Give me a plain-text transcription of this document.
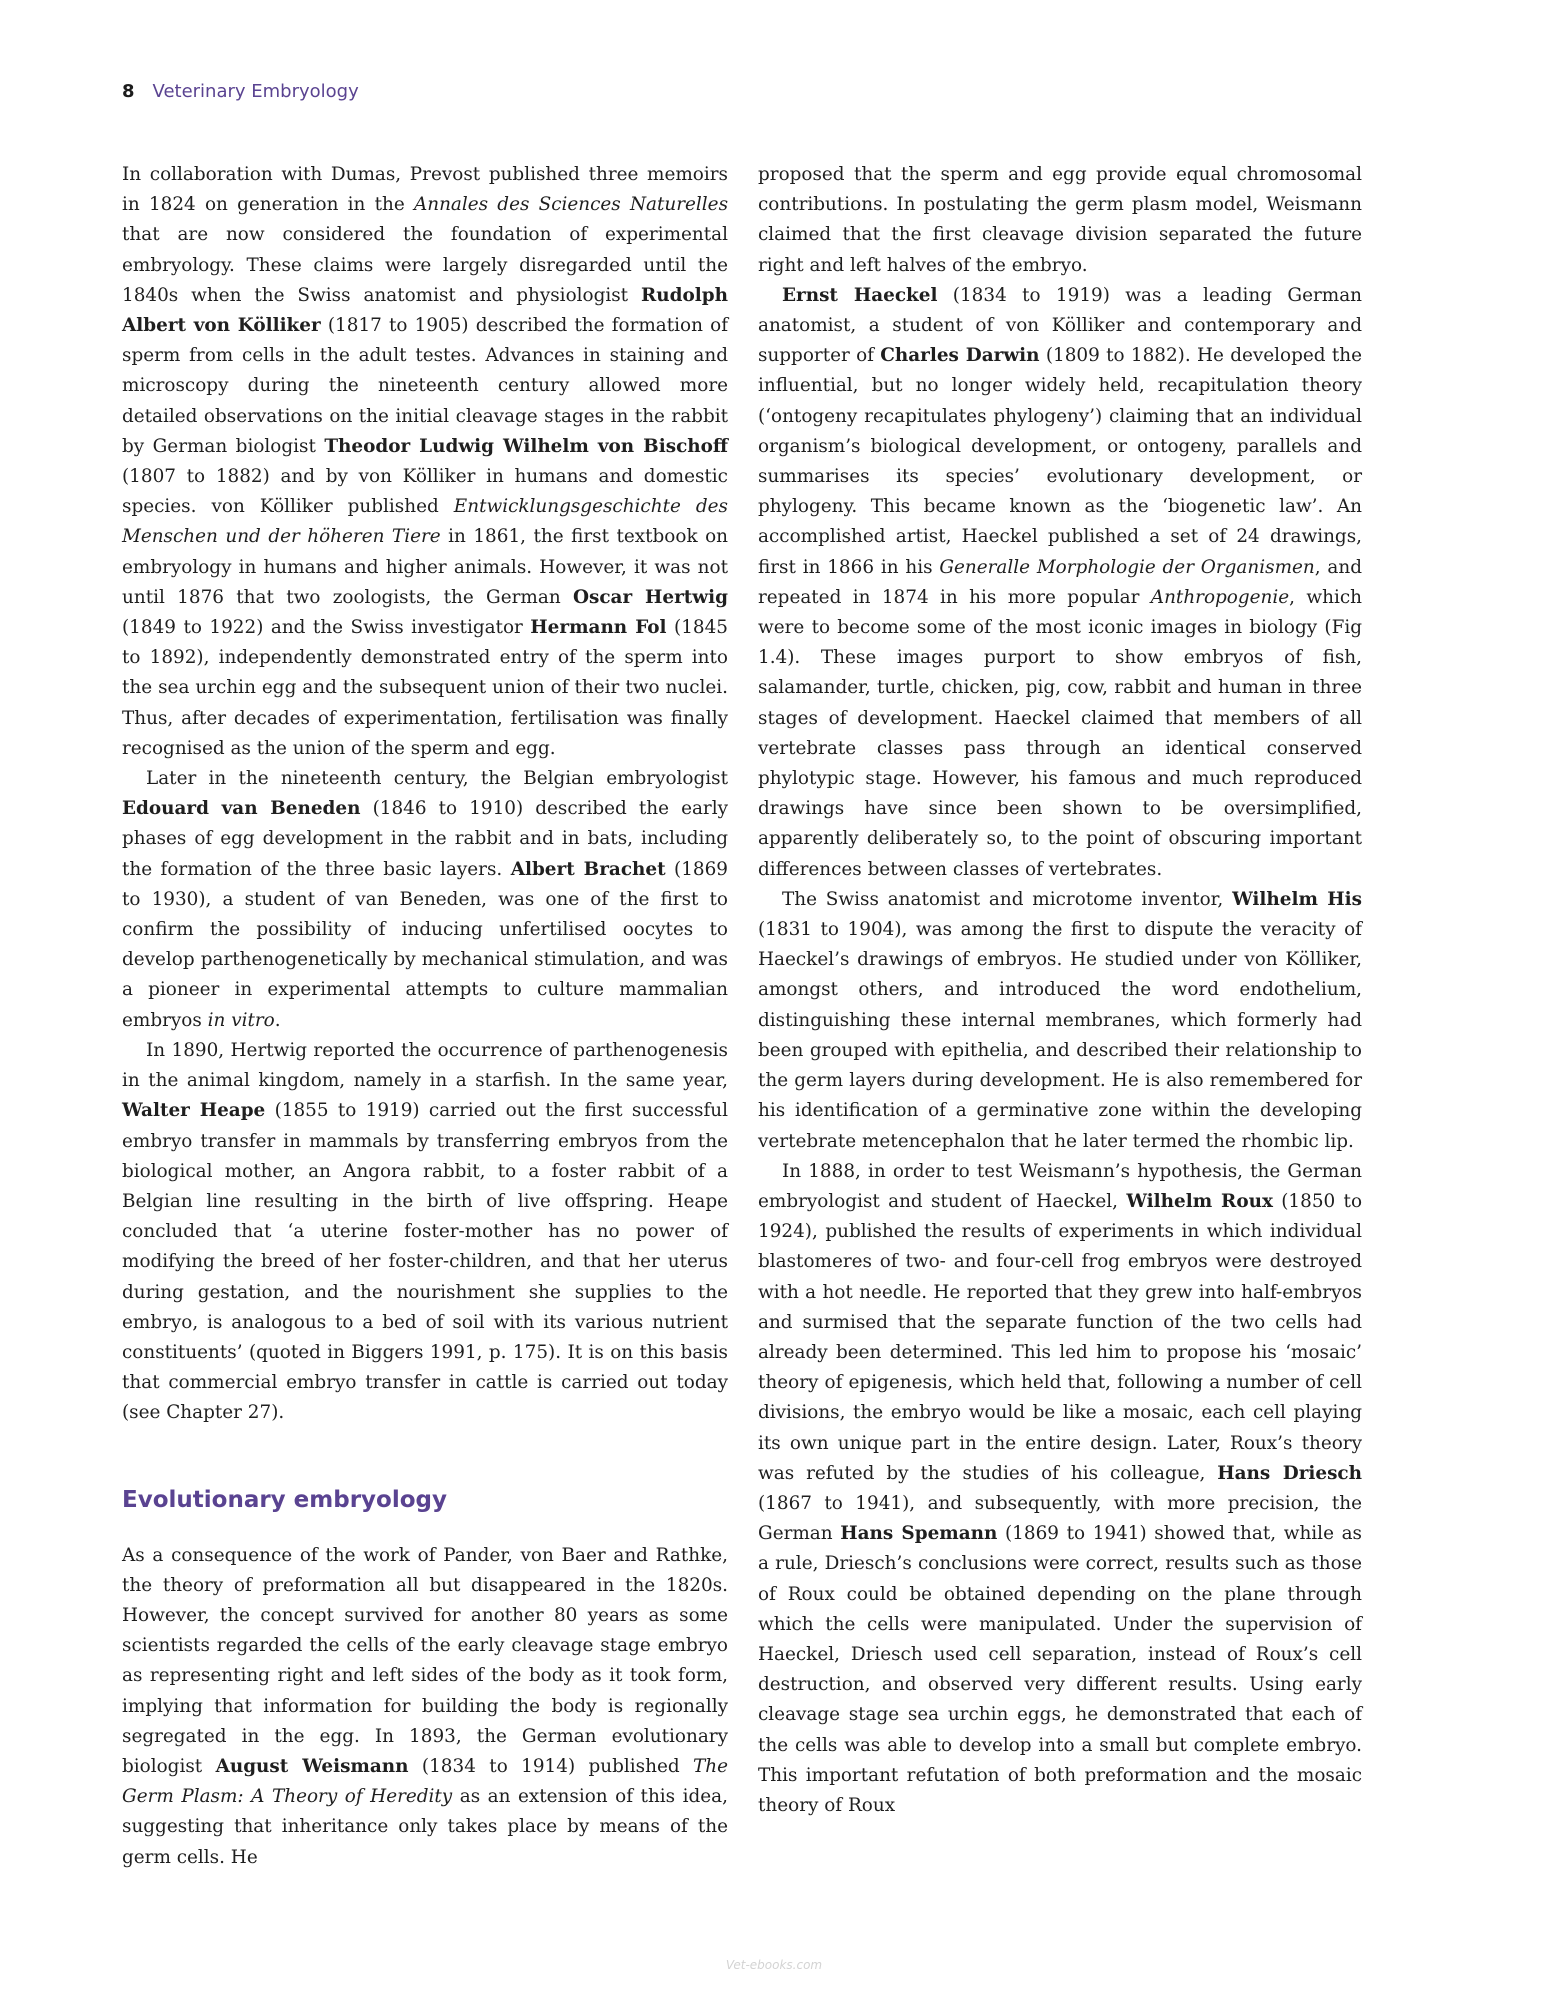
8 Veterinary Embryology

In collaboration with Dumas, Prevost published three memoirs in 1824 on generation in the Annales des Sciences Naturelles that are now considered the foundation of experimental embryology. These claims were largely disregarded until the 1840s when the Swiss anatomist and physiologist Rudolph Albert von Kölliker (1817 to 1905) described the formation of sperm from cells in the adult testes. Advances in staining and microscopy during the nineteenth century allowed more detailed observations on the initial cleavage stages in the rabbit by German biologist Theodor Ludwig Wilhelm von Bischoff (1807 to 1882) and by von Kölliker in humans and domestic species. von Kölliker published Entwicklungsgeschichte des Menschen und der höheren Tiere in 1861, the first textbook on embryology in humans and higher animals. However, it was not until 1876 that two zoologists, the German Oscar Hertwig (1849 to 1922) and the Swiss investigator Hermann Fol (1845 to 1892), independently demonstrated entry of the sperm into the sea urchin egg and the subsequent union of their two nuclei. Thus, after decades of experimentation, fertilisation was finally recognised as the union of the sperm and egg.

Later in the nineteenth century, the Belgian embryologist Edouard van Beneden (1846 to 1910) described the early phases of egg development in the rabbit and in bats, including the formation of the three basic layers. Albert Brachet (1869 to 1930), a student of van Beneden, was one of the first to confirm the possibility of inducing unfertilised oocytes to develop parthenogenetically by mechanical stimulation, and was a pioneer in experimental attempts to culture mammalian embryos in vitro.

In 1890, Hertwig reported the occurrence of parthenogenesis in the animal kingdom, namely in a starfish. In the same year, Walter Heape (1855 to 1919) carried out the first successful embryo transfer in mammals by transferring embryos from the biological mother, an Angora rabbit, to a foster rabbit of a Belgian line resulting in the birth of live offspring. Heape concluded that ‘a uterine foster-mother has no power of modifying the breed of her foster-children, and that her uterus during gestation, and the nourishment she supplies to the embryo, is analogous to a bed of soil with its various nutrient constituents’ (quoted in Biggers 1991, p. 175). It is on this basis that commercial embryo transfer in cattle is carried out today (see Chapter 27).

Evolutionary embryology

As a consequence of the work of Pander, von Baer and Rathke, the theory of preformation all but disappeared in the 1820s. However, the concept survived for another 80 years as some scientists regarded the cells of the early cleavage stage embryo as representing right and left sides of the body as it took form, implying that information for building the body is regionally segregated in the egg. In 1893, the German evolutionary biologist August Weismann (1834 to 1914) published The Germ Plasm: A Theory of Heredity as an extension of this idea, suggesting that inheritance only takes place by means of the germ cells. He

proposed that the sperm and egg provide equal chromosomal contributions. In postulating the germ plasm model, Weismann claimed that the first cleavage division separated the future right and left halves of the embryo.

Ernst Haeckel (1834 to 1919) was a leading German anatomist, a student of von Kölliker and contemporary and supporter of Charles Darwin (1809 to 1882). He developed the influential, but no longer widely held, recapitulation theory (‘ontogeny recapitulates phylogeny’) claiming that an individual organism’s biological development, or ontogeny, parallels and summarises its species’ evolutionary development, or phylogeny. This became known as the ‘biogenetic law’. An accomplished artist, Haeckel published a set of 24 drawings, first in 1866 in his Generalle Morphologie der Organismen, and repeated in 1874 in his more popular Anthropogenie, which were to become some of the most iconic images in biology (Fig 1.4). These images purport to show embryos of fish, salamander, turtle, chicken, pig, cow, rabbit and human in three stages of development. Haeckel claimed that members of all vertebrate classes pass through an identical conserved phylotypic stage. However, his famous and much reproduced drawings have since been shown to be oversimplified, apparently deliberately so, to the point of obscuring important differences between classes of vertebrates.

The Swiss anatomist and microtome inventor, Wilhelm His (1831 to 1904), was among the first to dispute the veracity of Haeckel’s drawings of embryos. He studied under von Kölliker, amongst others, and introduced the word endothelium, distinguishing these internal membranes, which formerly had been grouped with epithelia, and described their relationship to the germ layers during development. He is also remembered for his identification of a germinative zone within the developing vertebrate metencephalon that he later termed the rhombic lip.

In 1888, in order to test Weismann’s hypothesis, the German embryologist and student of Haeckel, Wilhelm Roux (1850 to 1924), published the results of experiments in which individual blastomeres of two- and four-cell frog embryos were destroyed with a hot needle. He reported that they grew into half-embryos and surmised that the separate function of the two cells had already been determined. This led him to propose his ‘mosaic’ theory of epigenesis, which held that, following a number of cell divisions, the embryo would be like a mosaic, each cell playing its own unique part in the entire design. Later, Roux’s theory was refuted by the studies of his colleague, Hans Driesch (1867 to 1941), and subsequently, with more precision, the German Hans Spemann (1869 to 1941) showed that, while as a rule, Driesch’s conclusions were correct, results such as those of Roux could be obtained depending on the plane through which the cells were manipulated. Under the supervision of Haeckel, Driesch used cell separation, instead of Roux’s cell destruction, and observed very different results. Using early cleavage stage sea urchin eggs, he demonstrated that each of the cells was able to develop into a small but complete embryo. This important refutation of both preformation and the mosaic theory of Roux

Vet-ebooks.com
